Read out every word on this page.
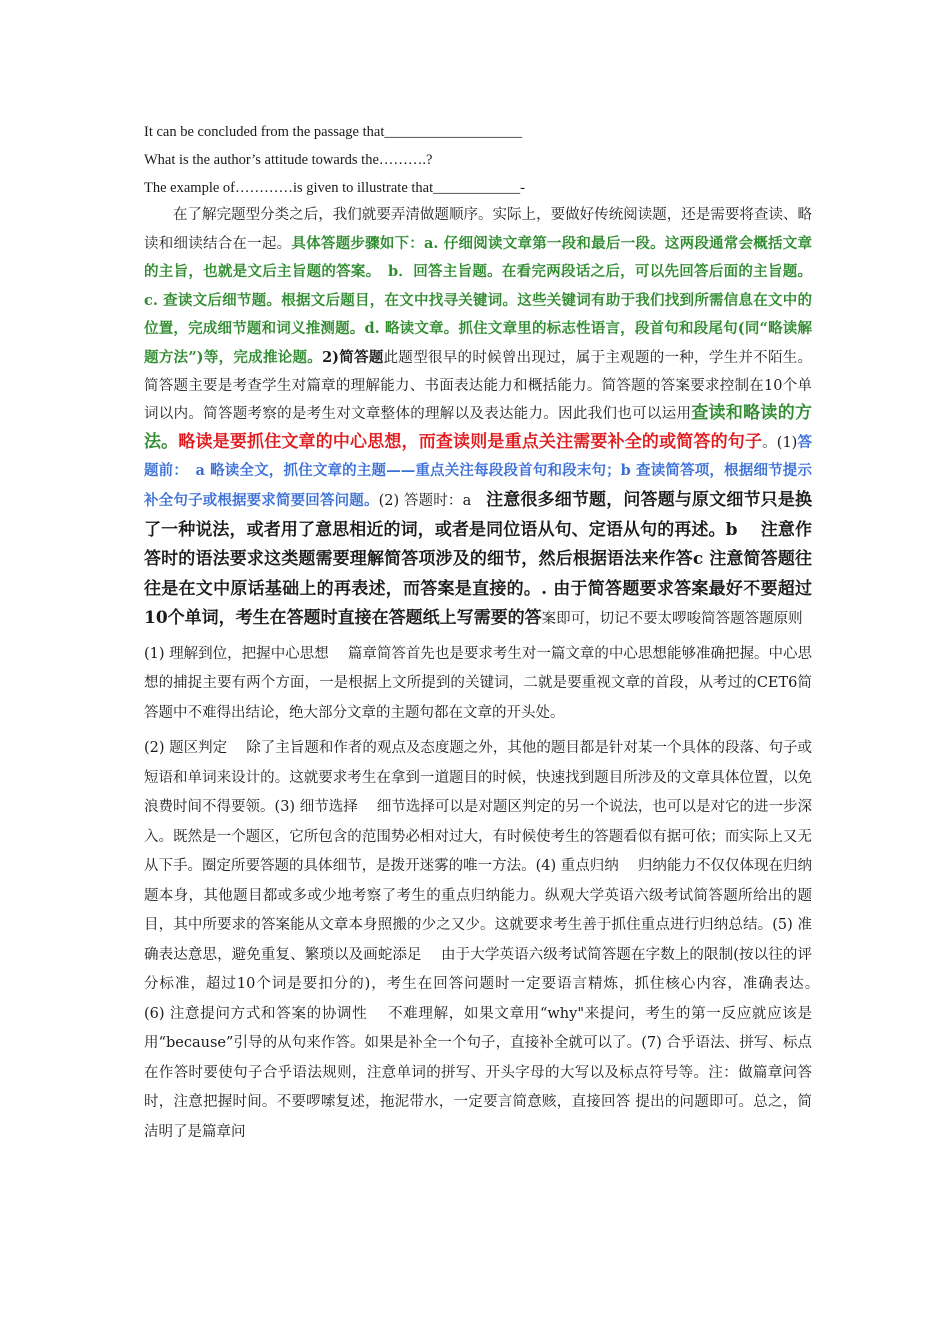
It can be concluded from the passage that___________________
What is the author’s attitude towards the……….?
The example of…………is given to illustrate that____________-

在了解完题型分类之后，我们就要弄清做题顺序。实际上，要做好传统阅读题，还是需要将查读、略读和细读结合在一起。具体答题步骤如下：a. 仔细阅读文章第一段和最后一段。这两段通常会概括文章的主旨，也就是文后主旨题的答案。　b．回答主旨题。在看完两段话之后，可以先回答后面的主旨题。c. 查读文后细节题。根据文后题目，在文中找寻关键词。这些关键词有助于我们找到所需信息在文中的位置，完成细节题和词义推测题。d. 略读文章。抓住文章里的标志性语言，段首句和段尾句(同“略读解题方法”)等，完成推论题。2)简答题此题型很早的时候曾出现过，属于主观题的一种，学生并不陌生。简答题主要是考查学生对篇章的理解能力、书面表达能力和概括能力。简答题的答案要求控制在10个单词以内。简答题考察的是考生对文章整体的理解以及表达能力。因此我们也可以运用查读和略读的方法。略读是要抓住文章的中心思想，而查读则是重点关注需要补全的或简答的句子。(1)答题前：　a 略读全文，抓住文章的主题——重点关注每段段首句和段末句；b 查读简答项，根据细节提示补全句子或根据要求简要回答问题。(2) 答题时：a　注意很多细节题，问答题与原文细节只是换了一种说法，或者用了意思相近的词，或者是同位语从句、定语从句的再述。b　 注意作答时的语法要求这类题需要理解简答项涉及的细节，然后根据语法来作答c 注意简答题往往是在文中原话基础上的再表述，而答案是直接的。. 由于简答题要求答案最好不要超过10个单词，考生在答题时直接在答题纸上写需要的答案即可，切记不要太啰唆简答题答题原则

(1) 理解到位，把握中心思想　 篇章简答首先也是要求考生对一篇文章的中心思想能够准确把握。中心思想的捕捉主要有两个方面，一是根据上文所提到的关键词，二就是要重视文章的首段，从考过的CET6简答题中不难得出结论，绝大部分文章的主题句都在文章的开头处。

(2) 题区判定　 除了主旨题和作者的观点及态度题之外，其他的题目都是针对某一个具体的段落、句子或短语和单词来设计的。这就要求考生在拿到一道题目的时候，快速找到题目所涉及的文章具体位置，以免浪费时间不得要领。(3) 细节选择　 细节选择可以是对题区判定的另一个说法，也可以是对它的进一步深入。既然是一个题区，它所包含的范围势必相对过大，有时候使考生的答题看似有据可依；而实际上又无从下手。圈定所要答题的具体细节，是拨开迷雾的唯一方法。(4) 重点归纳　 归纳能力不仅仅体现在归纳题本身，其他题目都或多或少地考察了考生的重点归纳能力。纵观大学英语六级考试简答题所给出的题目，其中所要求的答案能从文章本身照搬的少之又少。这就要求考生善于抓住重点进行归纳总结。(5) 准确表达意思，避免重复、繁琐以及画蛇添足　 由于大学英语六级考试简答题在字数上的限制(按以往的评分标准，超过10个词是要扣分的)，考生在回答问题时一定要语言精炼，抓住核心内容，准确表达。　　(6) 注意提问方式和答案的协调性　 不难理解，如果文章用“why"来提问，考生的第一反应就应该是用“because”引导的从句来作答。如果是补全一个句子，直接补全就可以了。(7) 合乎语法、拼写、标点　 在作答时要使句子合乎语法规则，注意单词的拼写、开头字母的大写以及标点符号等。注：做篇章问答时，注意把握时间。不要啰嗦复述，拖泥带水，一定要言简意赅，直接回答 提出的问题即可。总之，简洁明了是篇章问
